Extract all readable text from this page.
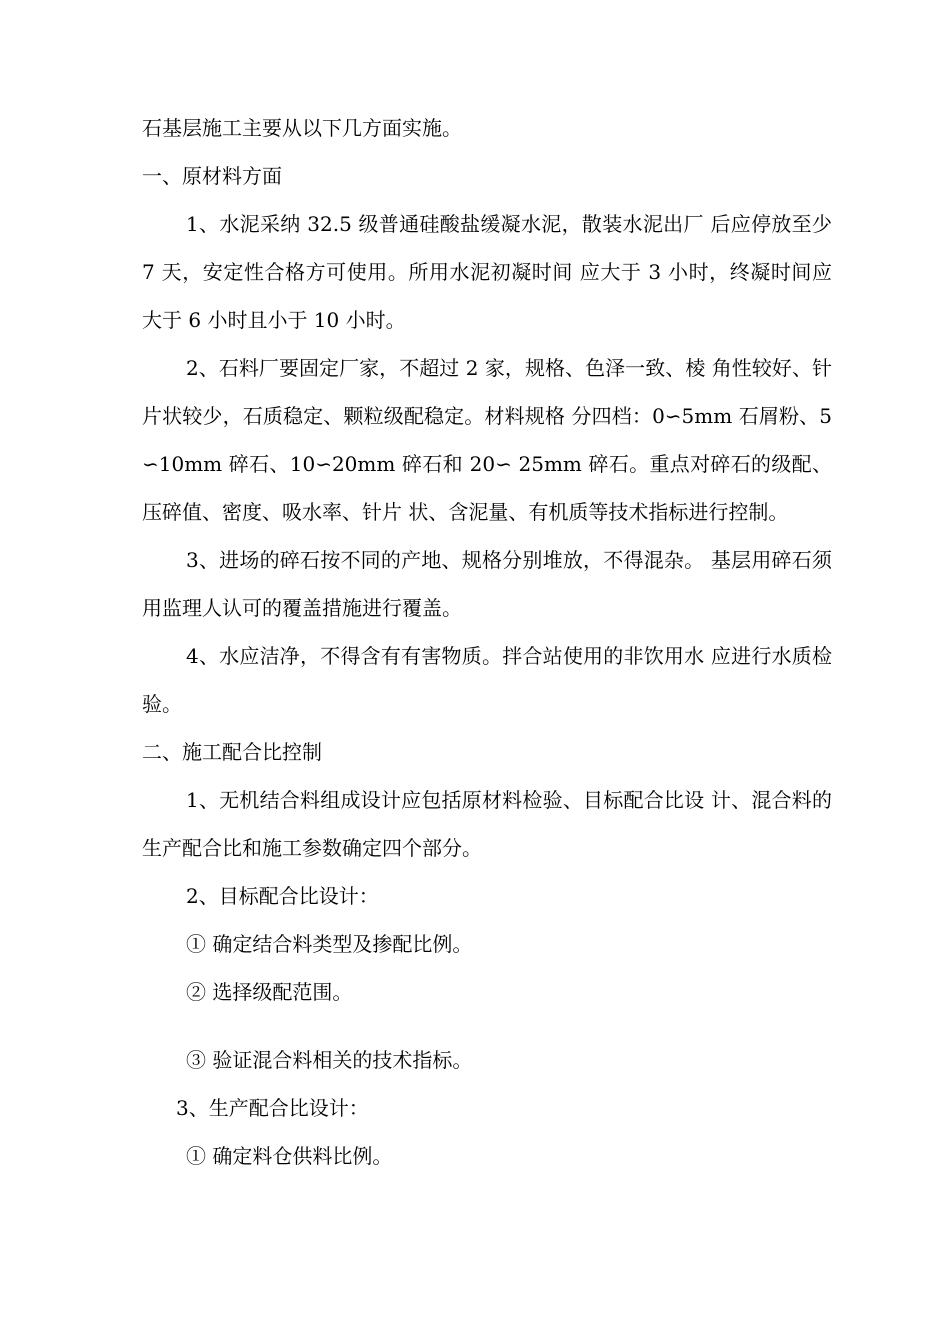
石基层施工主要从以下几方面实施。
一、原材料方面

1、水泥采纳 32.5 级普通硅酸盐缓凝水泥，散装水泥出厂 后应停放至少 7 天，安定性合格方可使用。所用水泥初凝时间 应大于 3 小时，终凝时间应大于 6 小时且小于 10 小时。

2、石料厂要固定厂家，不超过 2 家，规格、色泽一致、棱 角性较好、针片状较少，石质稳定、颗粒级配稳定。材料规格 分四档：0∽5mm 石屑粉、5∽10mm 碎石、10∽20mm 碎石和 20∽ 25mm 碎石。重点对碎石的级配、压碎值、密度、吸水率、针片 状、含泥量、有机质等技术指标进行控制。

3、进场的碎石按不同的产地、规格分别堆放，不得混杂。 基层用碎石须用监理人认可的覆盖措施进行覆盖。

4、水应洁净，不得含有有害物质。拌合站使用的非饮用水 应进行水质检验。

二、施工配合比控制

1、无机结合料组成设计应包括原材料检验、目标配合比设 计、混合料的生产配合比和施工参数确定四个部分。

2、目标配合比设计：
① 确定结合料类型及掺配比例。
② 选择级配范围。
③ 验证混合料相关的技术指标。
3、生产配合比设计：
① 确定料仓供料比例。
